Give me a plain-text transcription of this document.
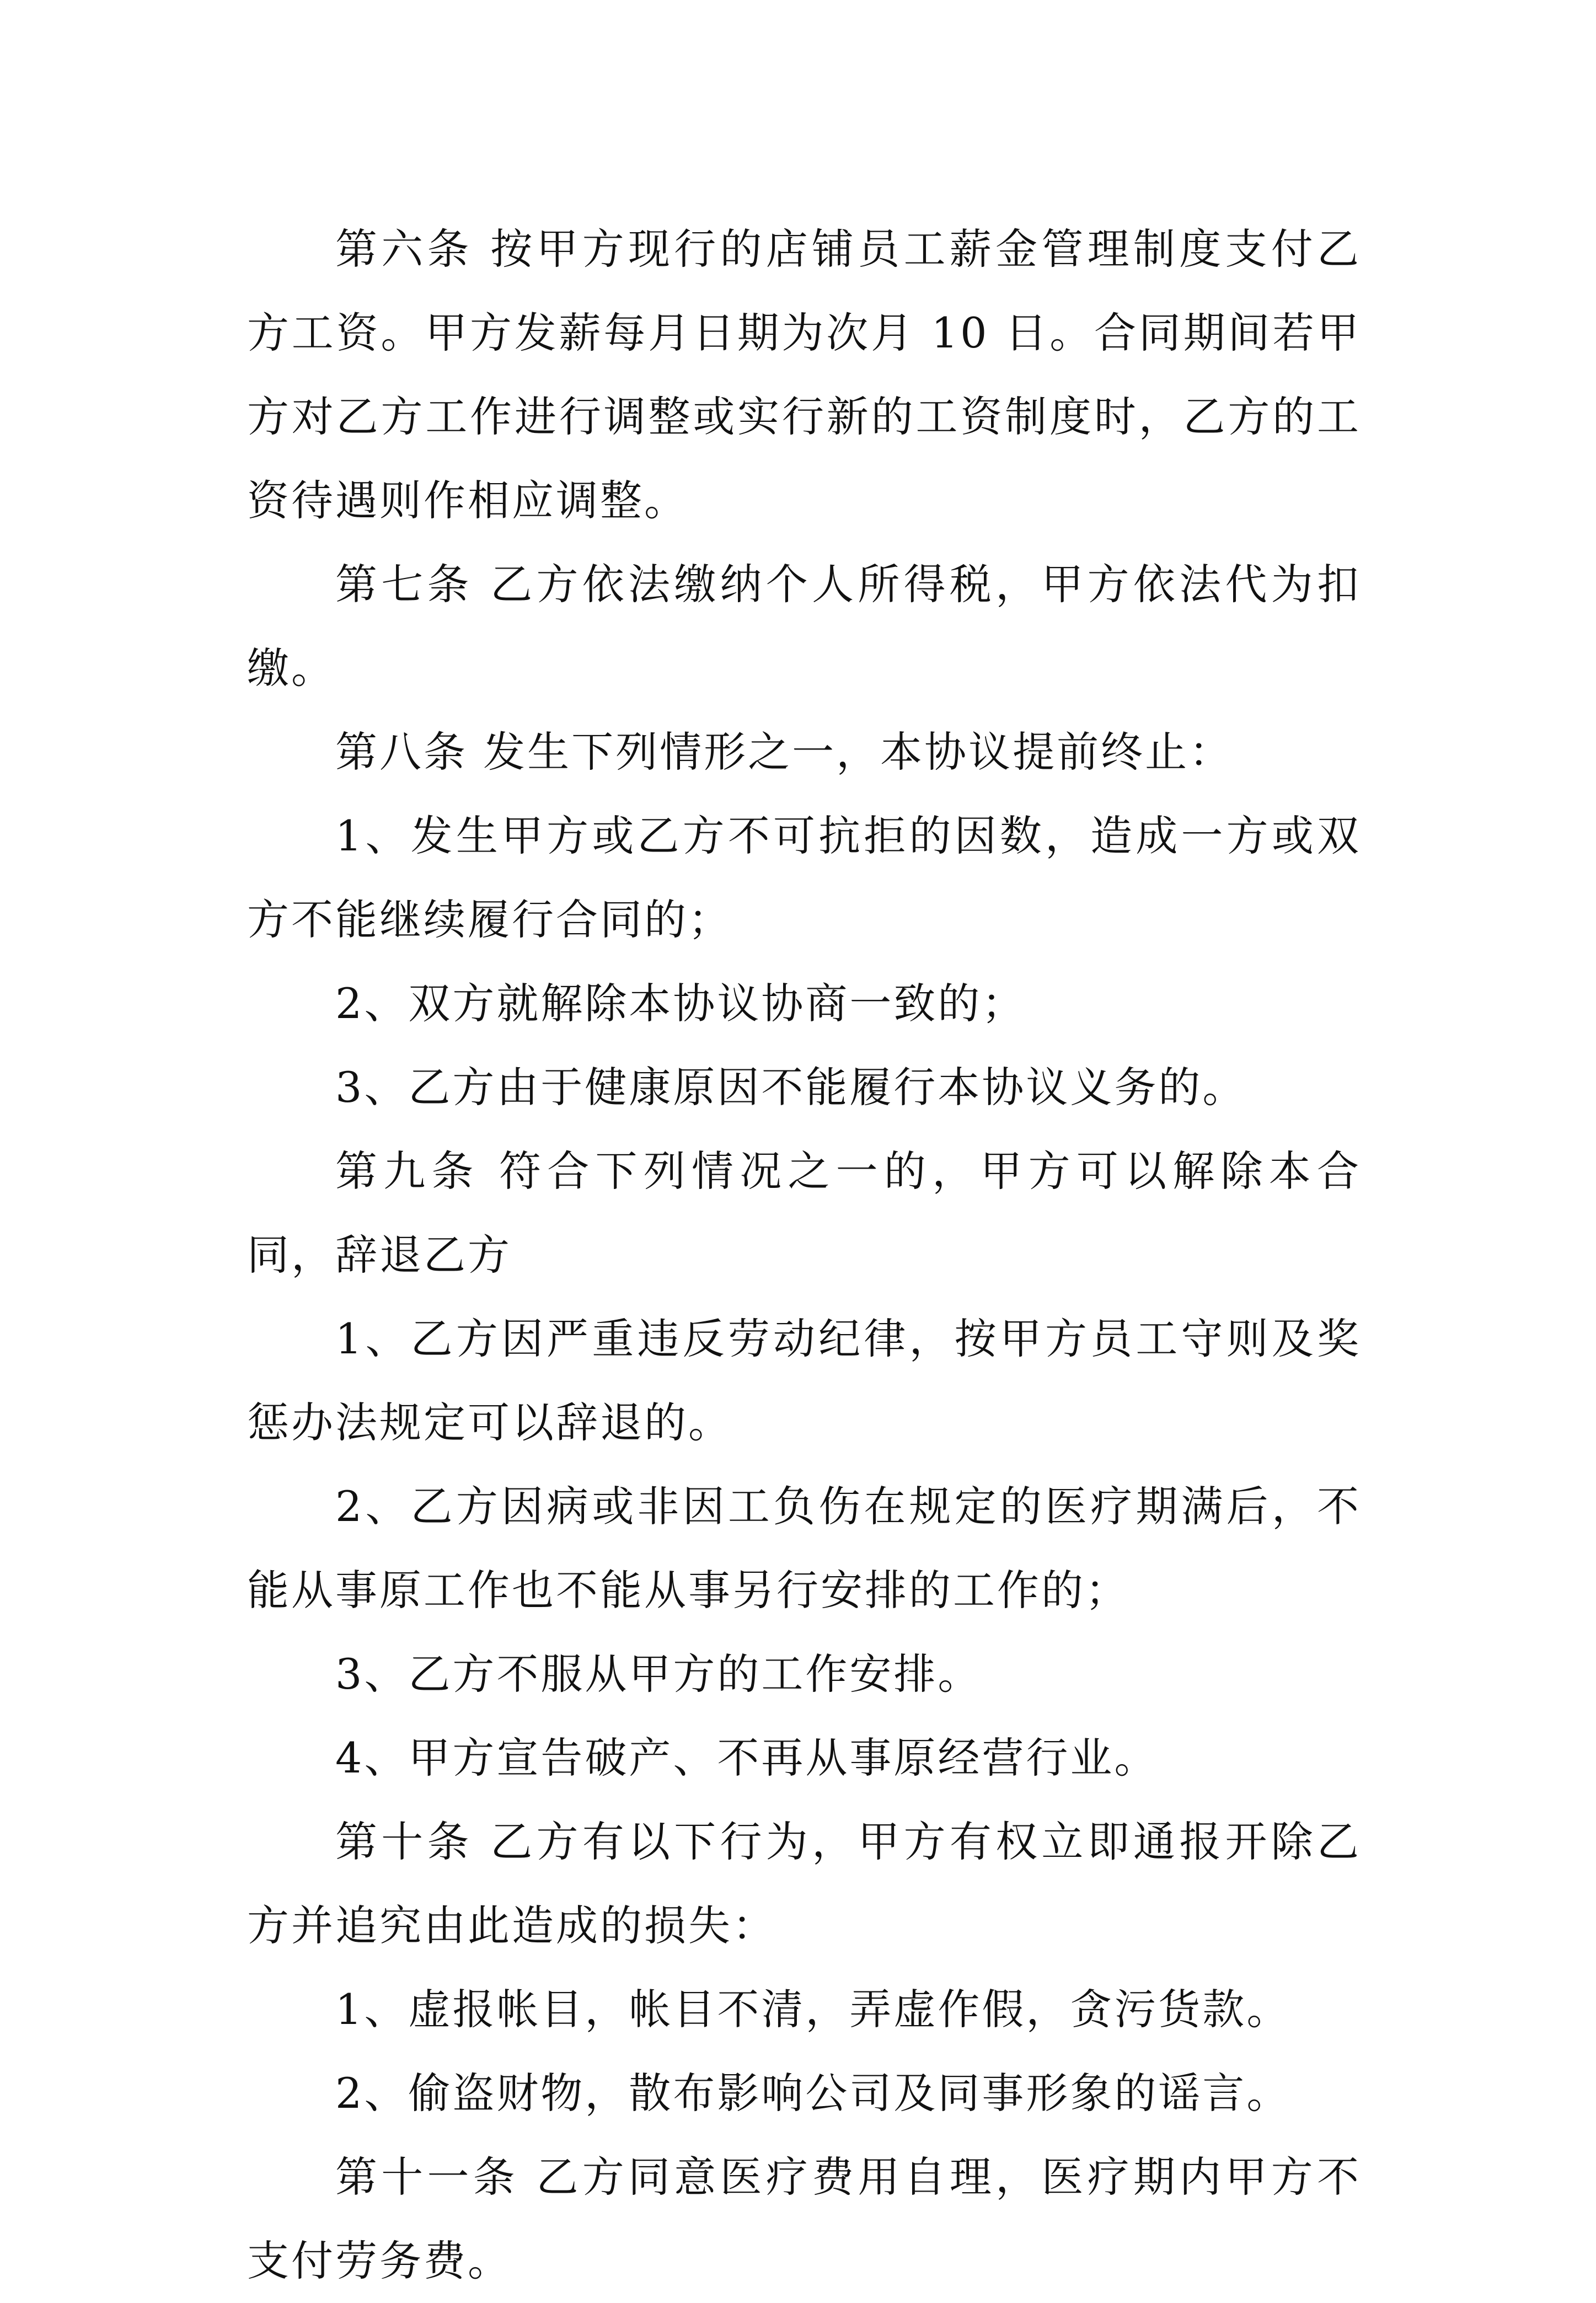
第六条 按甲方现行的店铺员工薪金管理制度支付乙方工资。甲方发薪每月日期为次月 10 日。合同期间若甲方对乙方工作进行调整或实行新的工资制度时，乙方的工资待遇则作相应调整。

第七条 乙方依法缴纳个人所得税，甲方依法代为扣缴。

第八条 发生下列情形之一，本协议提前终止：

1、发生甲方或乙方不可抗拒的因数，造成一方或双方不能继续履行合同的；

2、双方就解除本协议协商一致的；

3、乙方由于健康原因不能履行本协议义务的。

第九条 符合下列情况之一的，甲方可以解除本合同，辞退乙方

1、乙方因严重违反劳动纪律，按甲方员工守则及奖惩办法规定可以辞退的。

2、乙方因病或非因工负伤在规定的医疗期满后，不能从事原工作也不能从事另行安排的工作的；

3、乙方不服从甲方的工作安排。

4、甲方宣告破产、不再从事原经营行业。

第十条 乙方有以下行为，甲方有权立即通报开除乙方并追究由此造成的损失：

1、虚报帐目，帐目不清，弄虚作假，贪污货款。

2、偷盗财物，散布影响公司及同事形象的谣言。

第十一条 乙方同意医疗费用自理，医疗期内甲方不支付劳务费。
